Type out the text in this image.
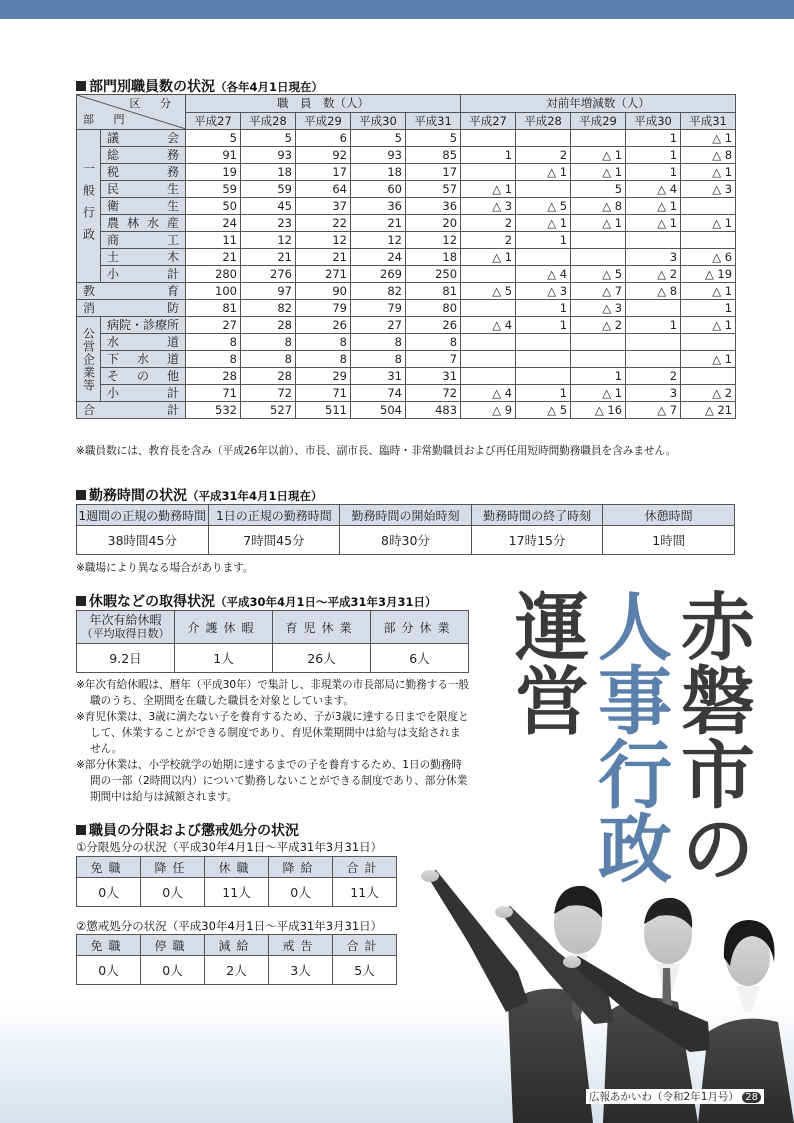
部門別職員数の状況（各年4月1日現在）
区 分
部 門		職　員　数（人）					対前年増減数（人）				
		平成27	平成28	平成29	平成30	平成31	平成27	平成28	平成29	平成30	平成31
一般行政	議会	5	5	6	5	5				1	△ 1
	総務	91	93	92	93	85	1	2	△ 1	1	△ 8
	税務	19	18	17	18	17		△ 1	△ 1	1	△ 1
	民生	59	59	64	60	57	△ 1		5	△ 4	△ 3
	衛生	50	45	37	36	36	△ 3	△ 5	△ 8	△ 1	
	農林水産	24	23	22	21	20	2	△ 1	△ 1	△ 1	△ 1
	商工	11	12	12	12	12	2	1			
	土木	21	21	21	24	18	△ 1			3	△ 6
	小計	280	276	271	269	250		△ 4	△ 5	△ 2	△ 19
教育		100	97	90	82	81	△ 5	△ 3	△ 7	△ 8	△ 1
消防		81	82	79	79	80		1	△ 3		1
公営企業等	病院・診療所	27	28	26	27	26	△ 4	1	△ 2	1	△ 1
	水道	8	8	8	8	8					
	下水道	8	8	8	8	7					△ 1
	その他	28	28	29	31	31			1	2	
	小計	71	72	71	74	72	△ 4	1	△ 1	3	△ 2
合計		532	527	511	504	483	△ 9	△ 5	△ 16	△ 7	△ 21

※職員数には、教育長を含み（平成26年以前）、市長、副市長、臨時・非常勤職員および再任用短時間勤務職員を含みません。

勤務時間の状況（平成31年4月1日現在）
1週間の正規の勤務時間	1日の正規の勤務時間	勤務時間の開始時刻	勤務時間の終了時刻	休憩時間
38時間45分	7時間45分	8時30分	17時15分	1時間

※職場により異なる場合があります。

休暇などの取得状況（平成30年4月1日～平成31年3月31日）
年次有給休暇
（平均取得日数）	介護休暇	育児休業	部分休業
9.2日	1人	26人	6人

※年次有給休暇は、暦年（平成30年）で集計し、非現業の市長部局に勤務する一般職のうち、全期間を在職した職員を対象としています。

※育児休業は、3歳に満たない子を養育するため、子が3歳に達する日までを限度として、休業することができる制度であり、育児休業期間中は給与は支給されません。

※部分休業は、小学校就学の始期に達するまでの子を養育するため、1日の勤務時間の一部（2時間以内）について勤務しないことができる制度であり、部分休業期間中は給与は減額されます。

職員の分限および懲戒処分の状況

①分限処分の状況（平成30年4月1日～平成31年3月31日）

免職	降任	休職	降給	合計
0人	0人	11人	0人	11人

②懲戒処分の状況（平成30年4月1日～平成31年3月31日）

免職	停職	減給	戒告	合計
0人	0人	2人	3人	5人
赤磐市の
人事行政
運営
広報あかいわ（令和2年1月号） 28
